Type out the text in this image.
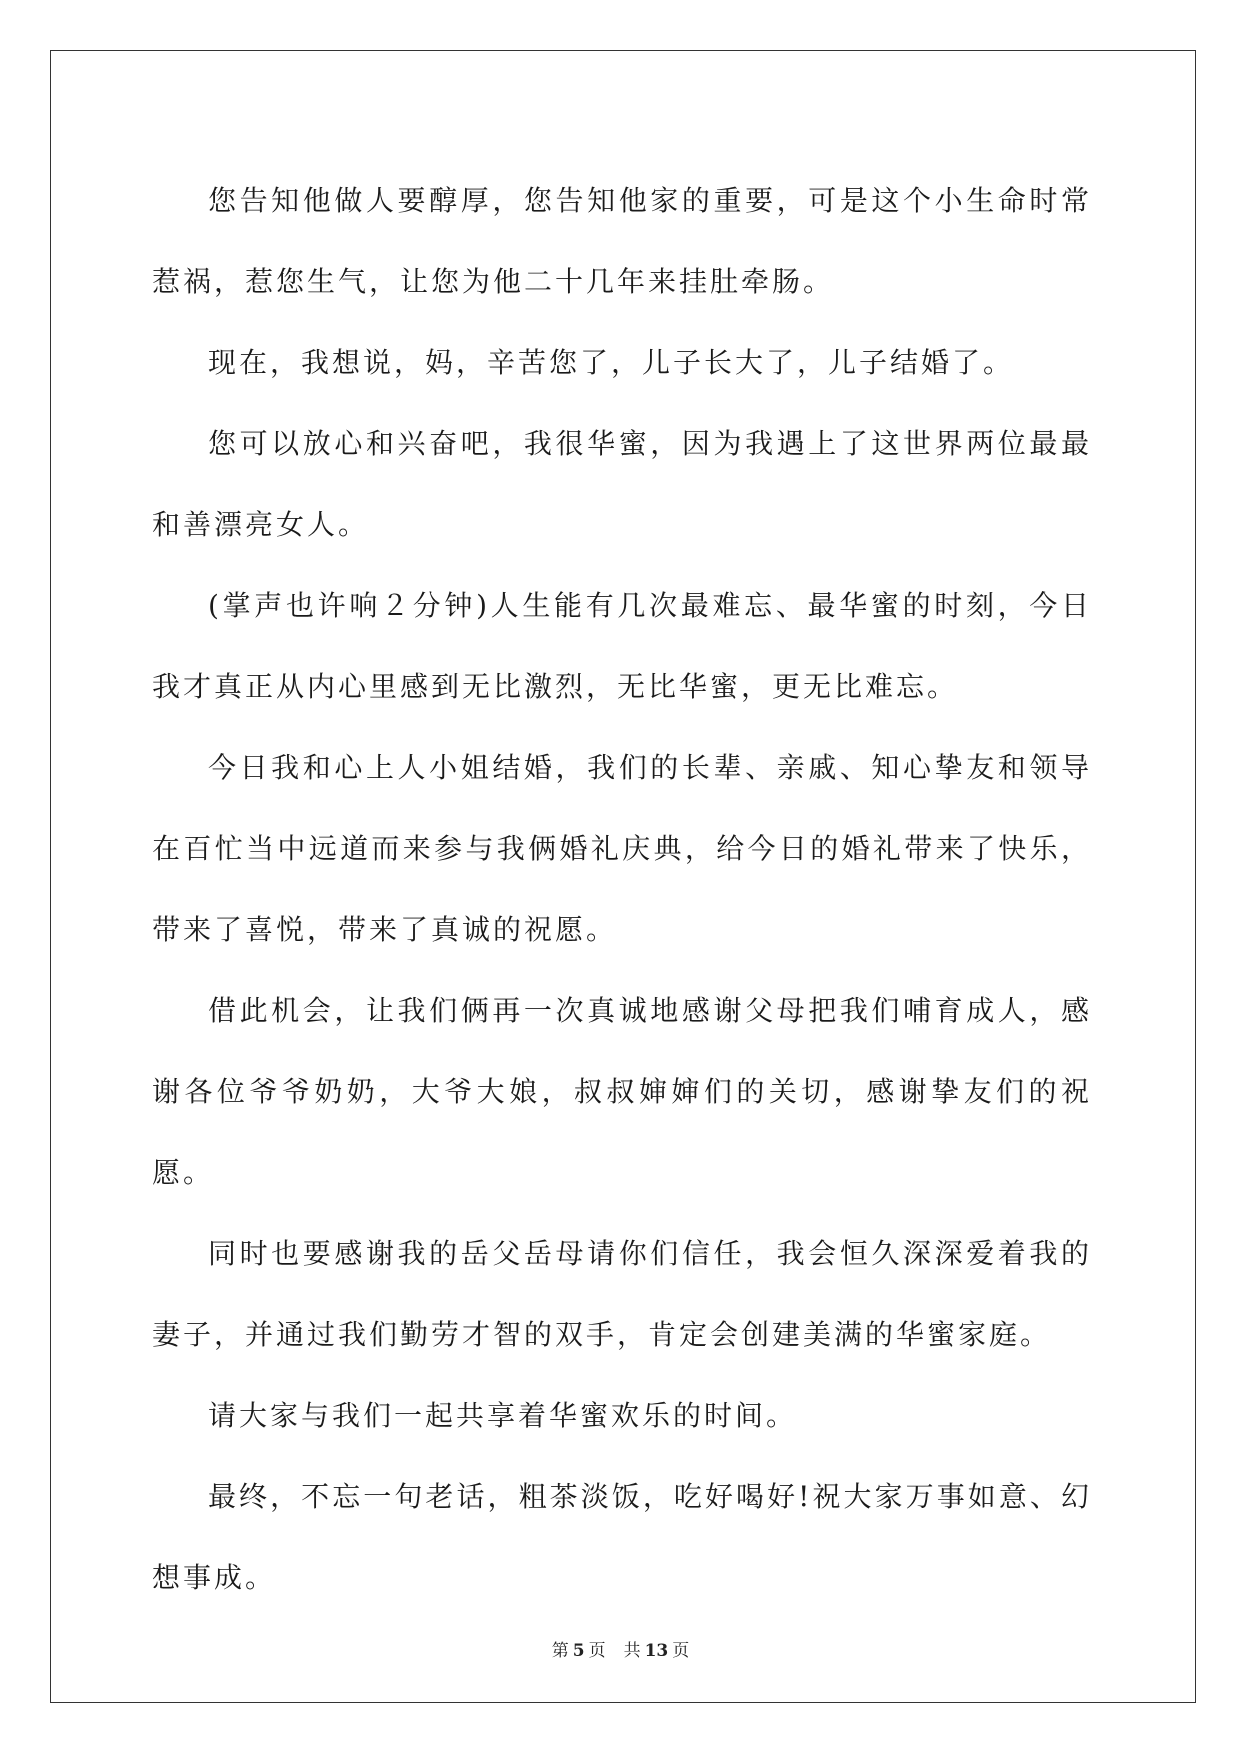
您告知他做人要醇厚，您告知他家的重要，可是这个小生命时常惹祸，惹您生气，让您为他二十几年来挂肚牵肠。

现在，我想说，妈，辛苦您了，儿子长大了，儿子结婚了。

您可以放心和兴奋吧，我很华蜜，因为我遇上了这世界两位最最和善漂亮女人。

(掌声也许响２分钟)人生能有几次最难忘、最华蜜的时刻，今日我才真正从内心里感到无比激烈，无比华蜜，更无比难忘。

今日我和心上人小姐结婚，我们的长辈、亲戚、知心挚友和领导在百忙当中远道而来参与我俩婚礼庆典，给今日的婚礼带来了快乐，带来了喜悦，带来了真诚的祝愿。

借此机会，让我们俩再一次真诚地感谢父母把我们哺育成人，感谢各位爷爷奶奶，大爷大娘，叔叔婶婶们的关切，感谢挚友们的祝愿。

同时也要感谢我的岳父岳母请你们信任，我会恒久深深爱着我的妻子，并通过我们勤劳才智的双手，肯定会创建美满的华蜜家庭。

请大家与我们一起共享着华蜜欢乐的时间。

最终，不忘一句老话，粗茶淡饭，吃好喝好!祝大家万事如意、幻想事成。

第 5 页 共 13 页
